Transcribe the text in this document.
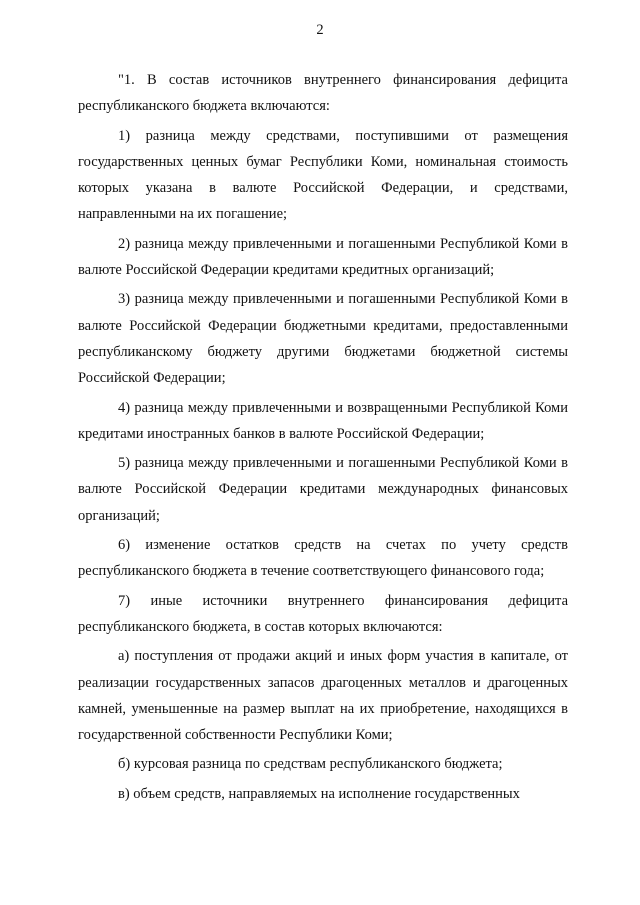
2

"1. В состав источников внутреннего финансирования дефицита республиканского бюджета включаются:

1) разница между средствами, поступившими от размещения государственных ценных бумаг Республики Коми, номинальная стоимость которых указана в валюте Российской Федерации, и средствами, направленными на их погашение;

2) разница между привлеченными и погашенными Республикой Коми в валюте Российской Федерации кредитами кредитных организаций;

3) разница между привлеченными и погашенными Республикой Коми в валюте Российской Федерации бюджетными кредитами, предоставленными республиканскому бюджету другими бюджетами бюджетной системы Российской Федерации;

4) разница между привлеченными и возвращенными Республикой Коми кредитами иностранных банков в валюте Российской Федерации;

5) разница между привлеченными и погашенными Республикой Коми в валюте Российской Федерации кредитами международных финансовых организаций;

6) изменение остатков средств на счетах по учету средств республиканского бюджета в течение соответствующего финансового года;

7) иные источники внутреннего финансирования дефицита республиканского бюджета, в состав которых включаются:

а) поступления от продажи акций и иных форм участия в капитале, от реализации государственных запасов драгоценных металлов и драгоценных камней, уменьшенные на размер выплат на их приобретение, находящихся в государственной собственности Республики Коми;

б) курсовая разница по средствам республиканского бюджета;

в) объем средств, направляемых на исполнение государственных
